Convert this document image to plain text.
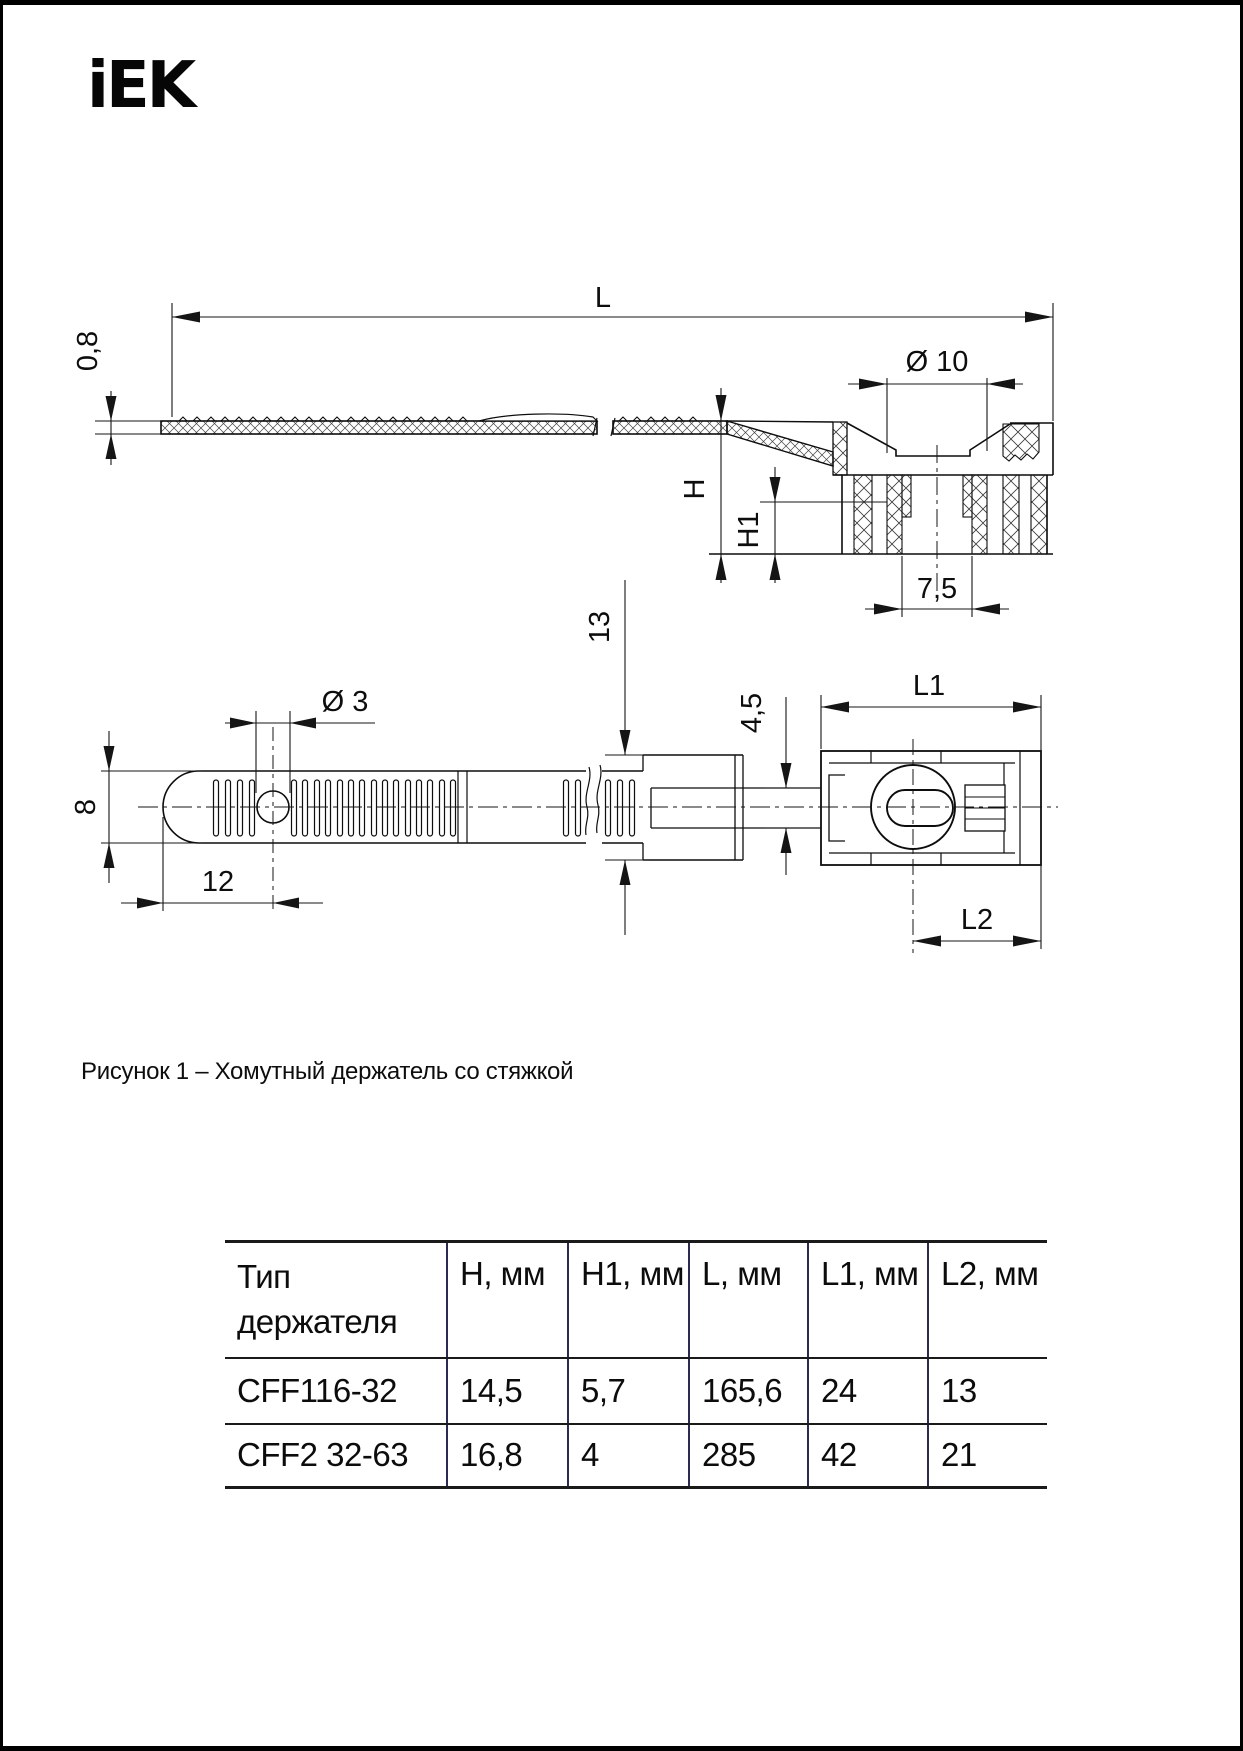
iEK
L
0,8	Ø 10
H
H1
7,5
Ø 3
8
12
13
4,5
L1
L2
Рисунок 1 – Хомутный держатель со стяжкой
Тип держателя	H, мм	H1, мм	L, мм	L1, мм	L2, мм
CFF116-32	14,5	5,7	165,6	24	13
CFF2 32-63	16,8	4	285	42	21
